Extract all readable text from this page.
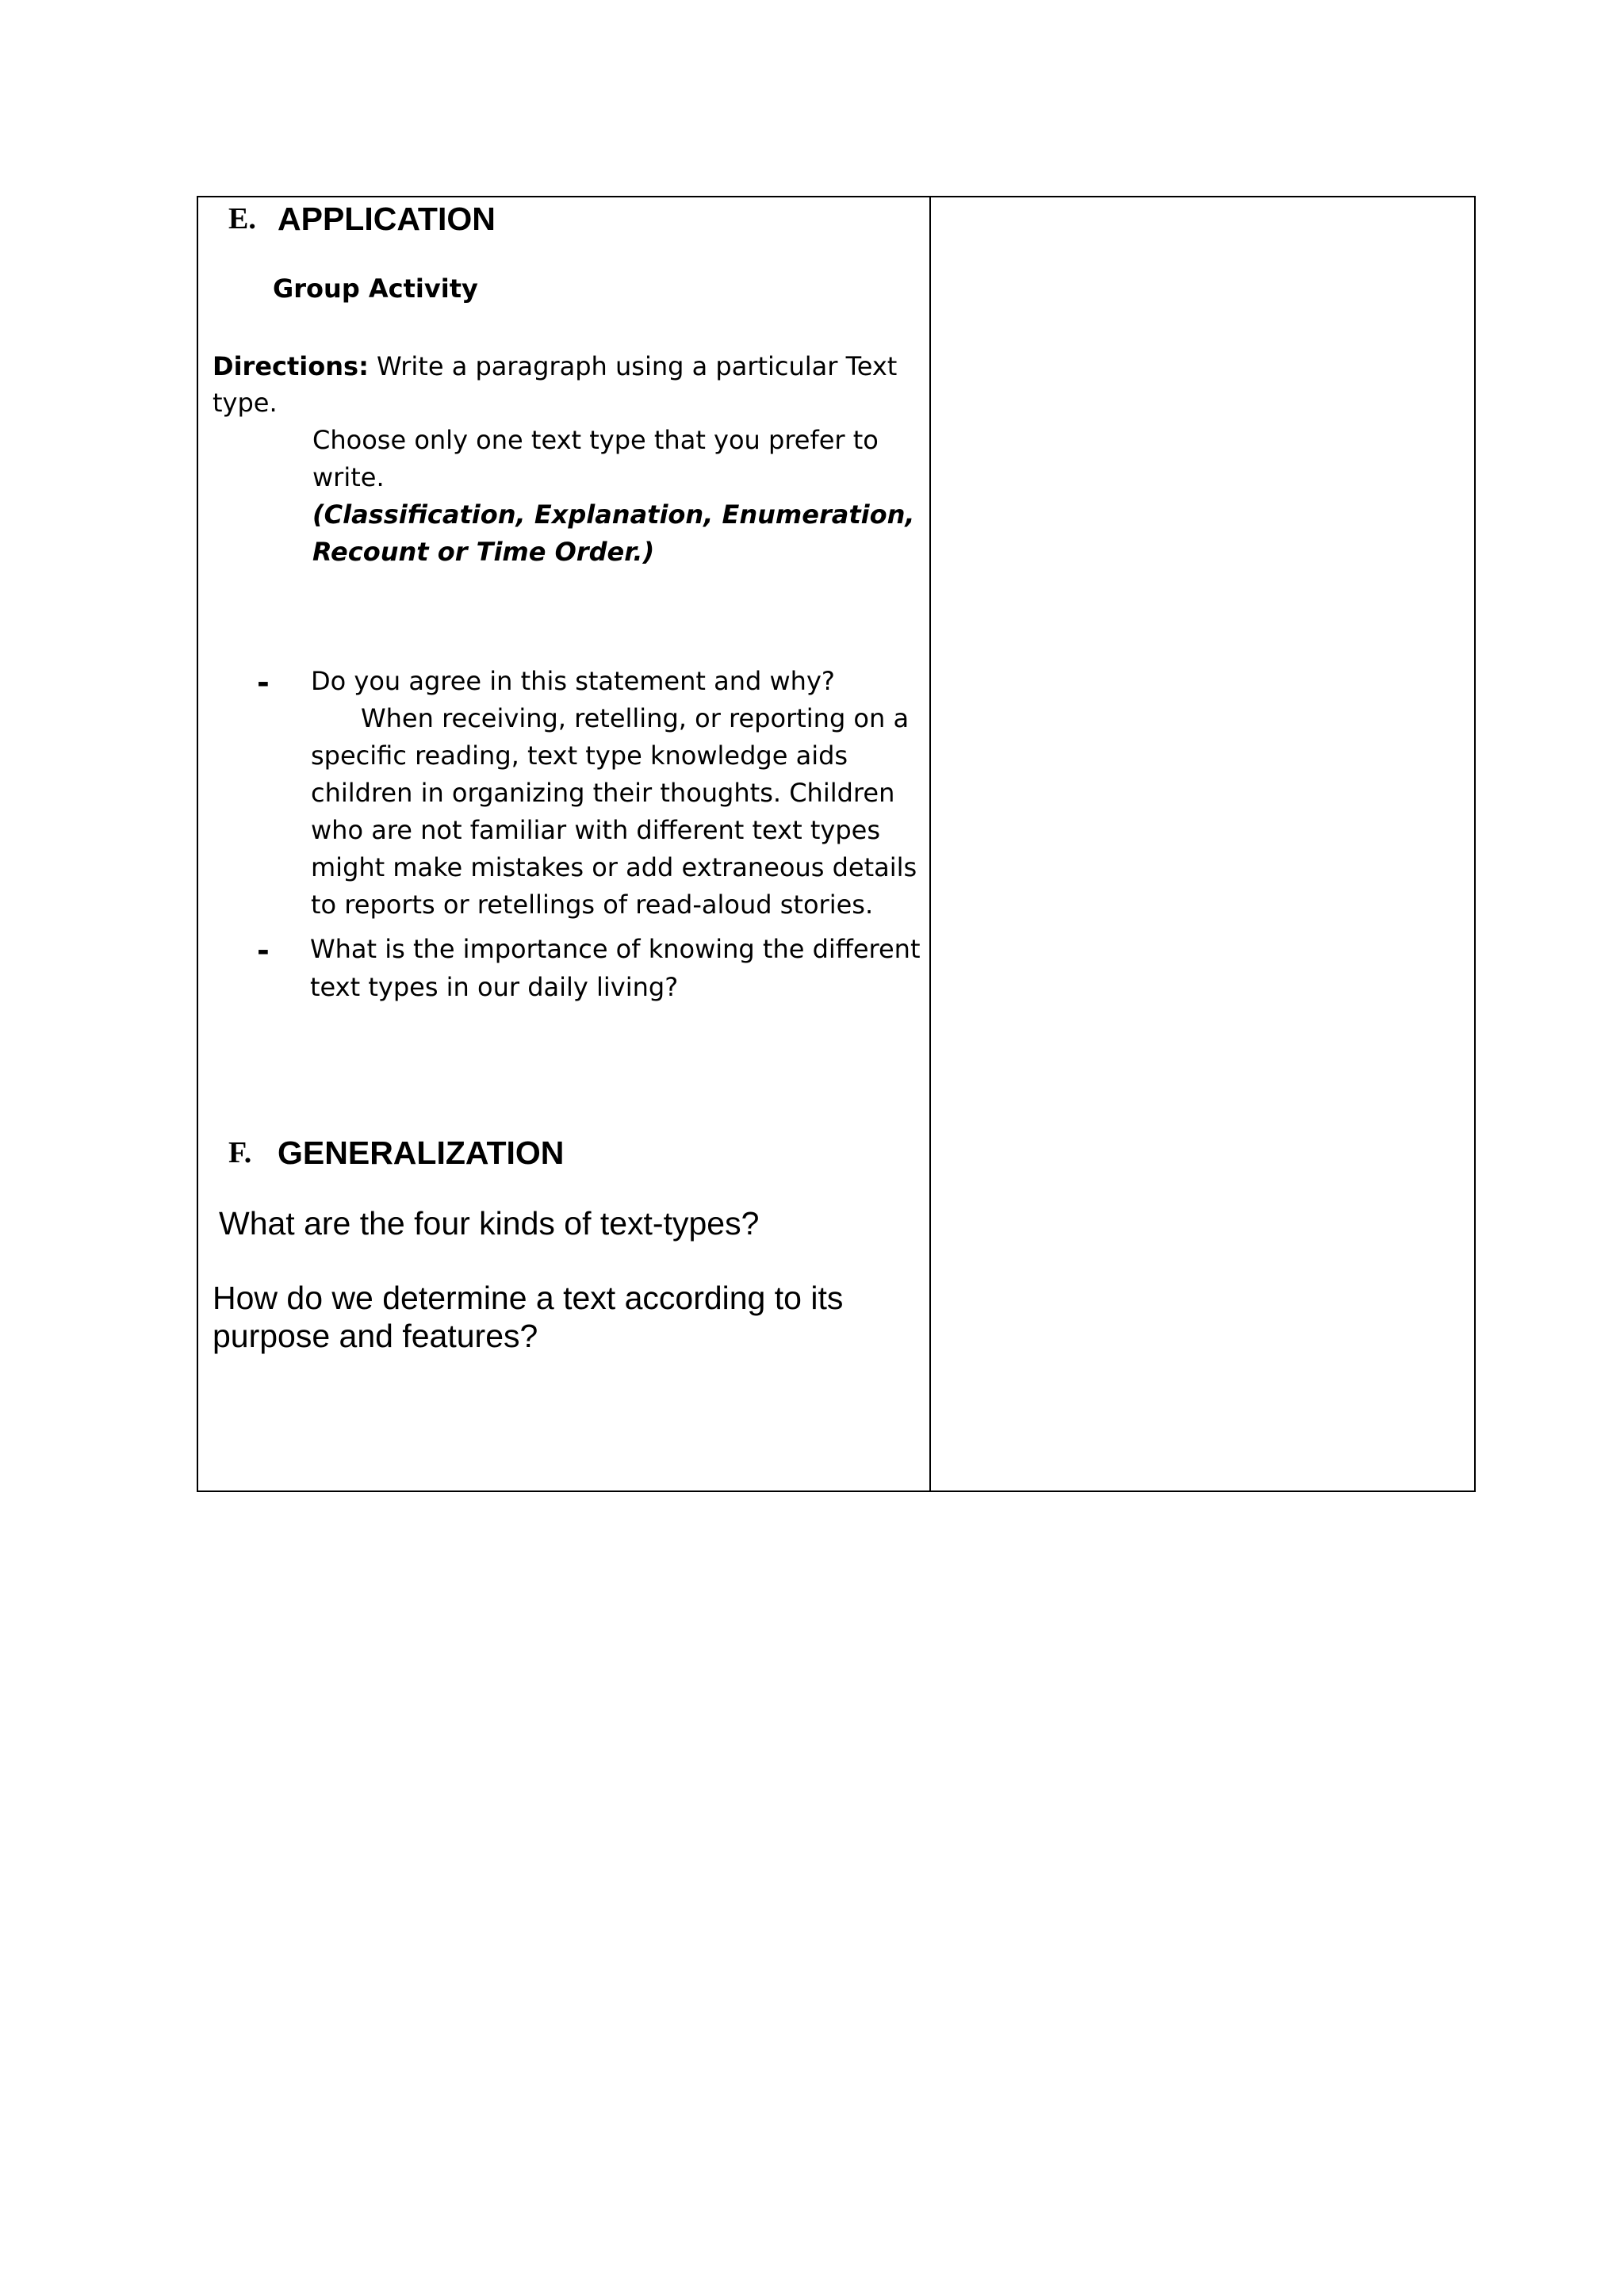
E. APPLICATION
Group Activity
Directions: Write a paragraph using a particular Text
type.
Choose only one text type that you prefer to
write.
(Classification, Explanation, Enumeration,
Recount or Time Order.)
- Do you agree in this statement and why?
When receiving, retelling, or reporting on a
specific reading, text type knowledge aids
children in organizing their thoughts. Children
who are not familiar with different text types
might make mistakes or add extraneous details
to reports or retellings of read-aloud stories.
- What is the importance of knowing the different
text types in our daily living?
F. GENERALIZATION
What are the four kinds of text-types?
How do we determine a text according to its
purpose and features?
